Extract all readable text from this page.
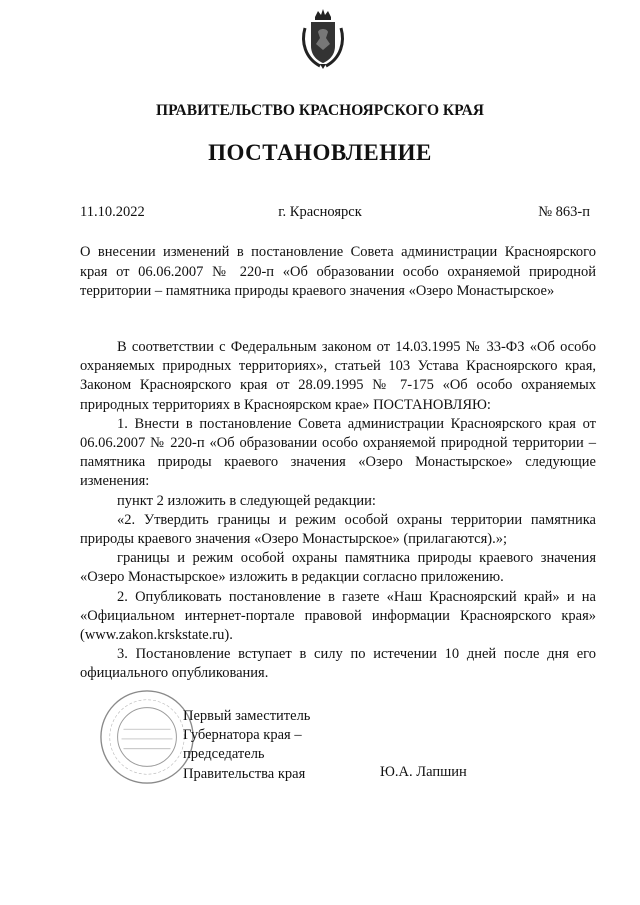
ПРАВИТЕЛЬСТВО КРАСНОЯРСКОГО КРАЯ
ПОСТАНОВЛЕНИЕ
11.10.2022	г. Красноярск	№ 863-п
О внесении изменений в постановление Совета администрации Красноярского края от 06.06.2007 № 220-п «Об образовании особо охраняемой природной территории – памятника природы краевого значения «Озеро Монастырское»

В соответствии с Федеральным законом от 14.03.1995 № 33-ФЗ «Об особо охраняемых природных территориях», статьей 103 Устава Красноярского края, Законом Красноярского края от 28.09.1995 № 7-175 «Об особо охраняемых природных территориях в Красноярском крае» ПОСТАНОВЛЯЮ:

1. Внести в постановление Совета администрации Красноярского края от 06.06.2007 № 220-п «Об образовании особо охраняемой природной территории – памятника природы краевого значения «Озеро Монастырское» следующие изменения:

пункт 2 изложить в следующей редакции:

«2. Утвердить границы и режим особой охраны территории памятника природы краевого значения «Озеро Монастырское» (прилагаются).»;

границы и режим особой охраны памятника природы краевого значения «Озеро Монастырское» изложить в редакции согласно приложению.

2. Опубликовать постановление в газете «Наш Красноярский край» и на «Официальном интернет-портале правовой информации Красноярского края» (www.zakon.krskstate.ru).

3. Постановление вступает в силу по истечении 10 дней после дня его официального опубликования.

Первый заместитель
Губернатора края –
председатель
Правительства края	Ю.А. Лапшин
